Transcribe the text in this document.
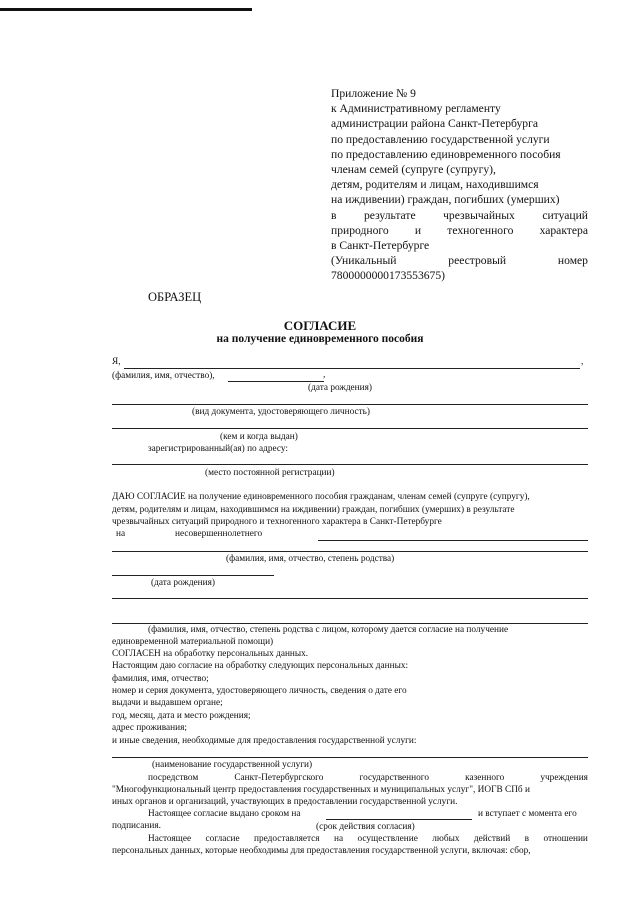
Приложение № 9
к Административному регламенту
администрации района Санкт-Петербурга
по предоставлению государственной услуги
по предоставлению единовременного пособия
членам семей (супруге (супругу),
детям, родителям и лицам, находившимся
на иждивении) граждан, погибших (умерших)
в результате чрезвычайных ситуаций
природного и техногенного характера
в Санкт-Петербурге
(Уникальный	реестровый	номер
7800000000173553675)
ОБРАЗЕЦ
СОГЛАСИЕ
на получение единовременного пособия
Я,	,
(фамилия, имя, отчество),	,
(дата рождения)
(вид документа, удостоверяющего личность)
(кем и когда выдан)
зарегистрированный(ая) по адресу:
(место постоянной регистрации)
ДАЮ СОГЛАСИЕ на получение единовременного пособия гражданам, членам семей (супруге (супругу),
детям, родителям и лицам, находившимся на иждивении) граждан, погибших (умерших) в результате
чрезвычайных ситуаций природного и техногенного характера в Санкт-Петербурге
на	несовершеннолетнего
(фамилия, имя, отчество, степень родства)
(дата рождения)
(фамилия, имя, отчество, степень родства с лицом, которому дается согласие на получение
единовременной материальной помощи)
СОГЛАСЕН на обработку персональных данных.
Настоящим даю согласие на обработку следующих персональных данных:
фамилия, имя, отчество;
номер и серия документа, удостоверяющего личность, сведения о дате его
выдачи и выдавшем органе;
год, месяц, дата и место рождения;
адрес проживания;
и иные сведения, необходимые для предоставления государственной услуги:
(наименование государственной услуги)
посредством	Санкт-Петербургского	государственного	казенного	учреждения
"Многофункциональный центр предоставления государственных и муниципальных услуг", ИОГВ СПб и
иных органов и организаций, участвующих в предоставлении государственной услуги.
Настоящее согласие выдано сроком на	и вступает с момента его
подписания.	(срок действия согласия)
Настоящее согласие предоставляется на осуществление любых действий в отношении
персональных данных, которые необходимы для предоставления государственной услуги, включая: сбор,
